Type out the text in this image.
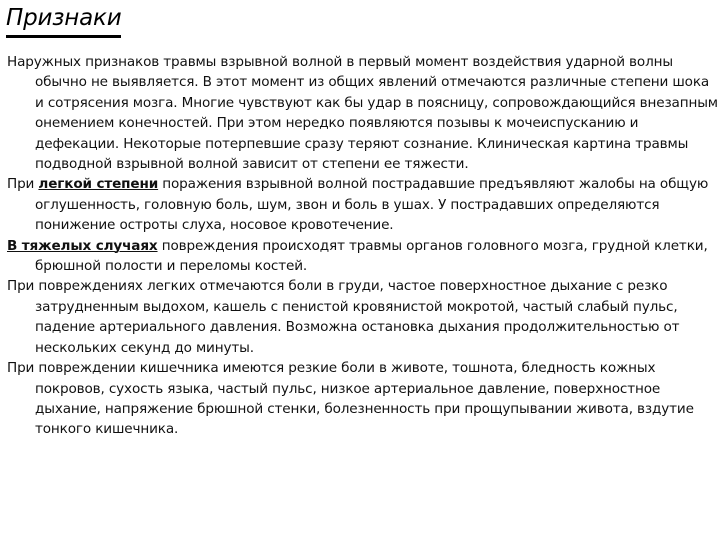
Признаки

Наружных признаков травмы взрывной волной в первый момент воздействия ударной волны обычно не выявляется. В этот момент из общих явлений отмечаются различные степени шока и сотрясения мозга. Многие чувствуют как бы удар в поясницу, сопровождающийся внезапным онемением конечностей. При этом нередко появляются позывы к мочеиспусканию и дефекации. Некоторые потерпевшие сразу теряют сознание. Клиническая картина травмы подводной взрывной волной зависит от степени ее тяжести.

При легкой степени поражения взрывной волной пострадавшие предъявляют жалобы на общую оглушенность, головную боль, шум, звон и боль в ушах. У пострадавших определяются понижение остроты слуха, носовое кровотечение.

В тяжелых случаях повреждения происходят травмы органов головного мозга, грудной клетки, брюшной полости и переломы костей.

При повреждениях легких отмечаются боли в груди, частое поверхностное дыхание с резко затрудненным выдохом, кашель с пенистой кровянистой мокротой, частый слабый пульс, падение артериального давления. Возможна остановка дыхания продолжительностью от нескольких секунд до минуты.

При повреждении кишечника имеются резкие боли в животе, тошнота, бледность кожных покровов, сухость языка, частый пульс, низкое артериальное давление, поверхностное дыхание, напряжение брюшной стенки, болезненность при прощупывании живота, вздутие тонкого кишечника.
